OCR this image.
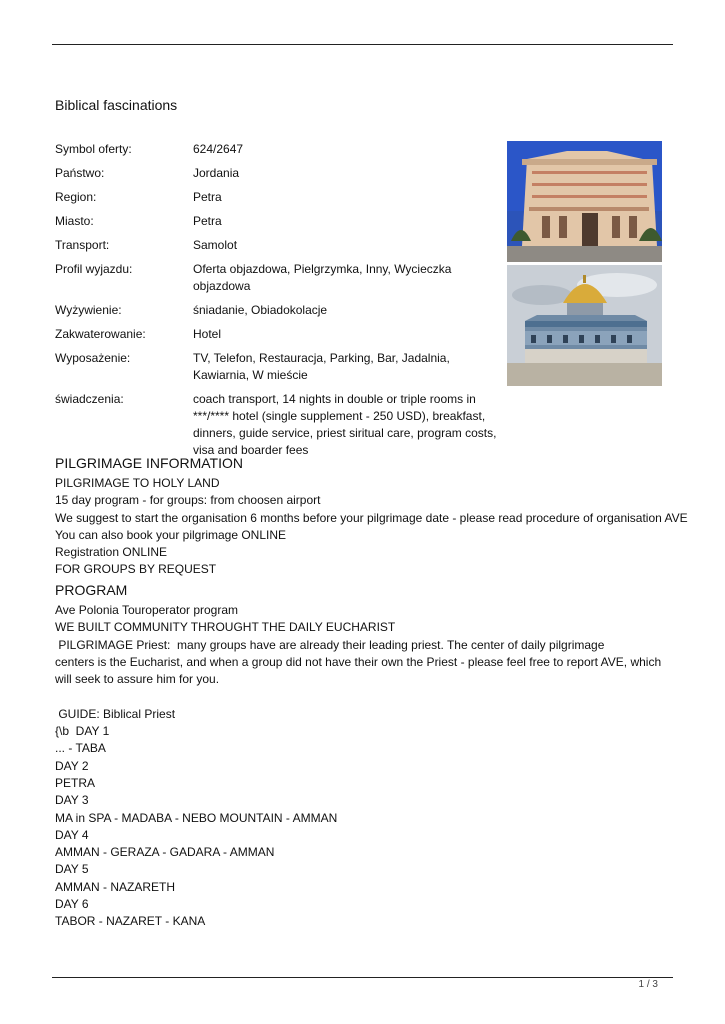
Biblical fascinations
Symbol oferty:	624/2647
Państwo:	Jordania
Region:	Petra
Miasto:	Petra
Transport:	Samolot
Profil wyjazdu:	Oferta objazdowa, Pielgrzymka, Inny, Wycieczka objazdowa
Wyżywienie:	śniadanie, Obiadokolacje
Zakwaterowanie:	Hotel
Wyposażenie:	TV, Telefon, Restauracja, Parking, Bar, Jadalnia, Kawiarnia, W mieście
świadczenia:	coach transport, 14 nights in double or triple rooms in ***/**** hotel (single supplement - 250 USD), breakfast, dinners, guide service, priest siritual care, program costs, visa and boarder fees
PILGRIMAGE INFORMATION
PILGRIMAGE TO HOLY LAND
15 day program - for groups: from choosen airport
We suggest to start the organisation 6 months before your pilgrimage date - please read procedure of organisation AVE
You can also book your pilgrimage ONLINE
Registration ONLINE
FOR GROUPS BY REQUEST
PROGRAM
Ave Polonia Touroperator program
WE BUILT COMMUNITY THROUGHT THE DAILY EUCHARIST
PILGRIMAGE Priest:  many groups have are already their leading priest. The center of daily pilgrimage
centers is the Eucharist, and when a group did not have their own the Priest - please feel free to report AVE, which
will seek to assure him for you.

GUIDE: Biblical Priest
{\b  DAY 1
... - TABA
DAY 2
PETRA
DAY 3
MA in SPA - MADABA - NEBO MOUNTAIN - AMMAN
DAY 4
AMMAN - GERAZA - GADARA - AMMAN
DAY 5
AMMAN - NAZARETH
DAY 6
TABOR - NAZARET - KANA
1 / 3
